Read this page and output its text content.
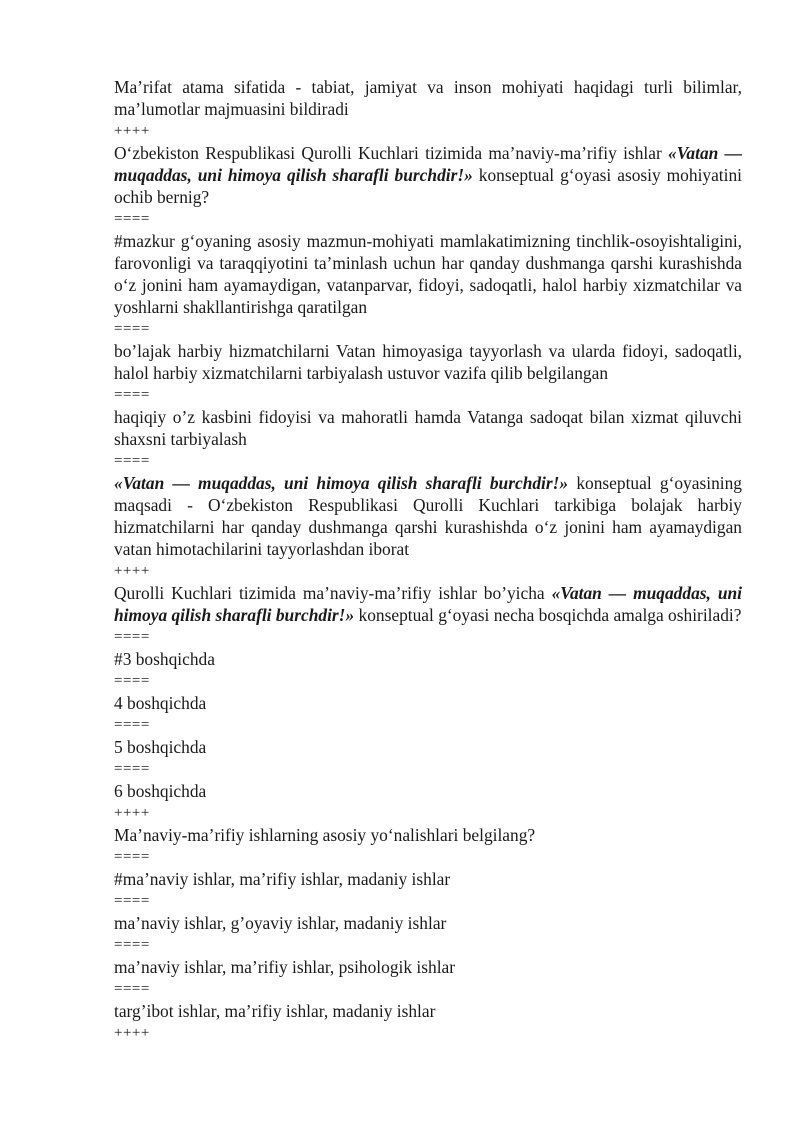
Ma’rifat atama sifatida - tabiat, jamiyat va inson mohiyati haqidagi turli bilimlar, ma’lumotlar majmuasini bildiradi

++++

O‘zbekiston Respublikasi Qurolli Kuchlari tizimida ma’naviy-ma’rifiy ishlar «Vatan — muqaddas, uni himoya qilish sharafli burchdir!» konseptual g‘oyasi asosiy mohiyatini ochib bernig?

====

#mazkur g‘oyaning asosiy mazmun-mohiyati mamlakatimizning tinchlik-osoyishtaligini, farovonligi va taraqqiyotini ta’minlash uchun har qanday dushmanga qarshi kurashishda o‘z jonini ham ayamaydigan, vatanparvar, fidoyi, sadoqatli, halol harbiy xizmatchilar va yoshlarni shakllantirishga qaratilgan

====

bo’lajak harbiy hizmatchilarni Vatan himoyasiga tayyorlash va ularda fidoyi, sadoqatli, halol harbiy xizmatchilarni tarbiyalash ustuvor vazifa qilib belgilangan

====

haqiqiy o’z kasbini fidoyisi va mahoratli hamda Vatanga sadoqat bilan xizmat qiluvchi shaxsni tarbiyalash

====

«Vatan — muqaddas, uni himoya qilish sharafli burchdir!» konseptual g‘oyasining maqsadi - O‘zbekiston Respublikasi Qurolli Kuchlari tarkibiga bolajak harbiy hizmatchilarni har qanday dushmanga qarshi kurashishda o‘z jonini ham ayamaydigan vatan himotachilarini tayyorlashdan iborat

++++

Qurolli Kuchlari tizimida ma’naviy-ma’rifiy ishlar bo’yicha «Vatan — muqaddas, uni himoya qilish sharafli burchdir!» konseptual g‘oyasi necha bosqichda amalga oshiriladi?

====

#3 boshqichda

====

4 boshqichda

====

5 boshqichda

====

6 boshqichda

++++

Ma’naviy-ma’rifiy ishlarning asosiy yo‘nalishlari belgilang?

====

#ma’naviy ishlar, ma’rifiy ishlar, madaniy ishlar

====

ma’naviy ishlar, g’oyaviy ishlar, madaniy ishlar

====

ma’naviy ishlar, ma’rifiy ishlar, psihologik ishlar

====

targ’ibot ishlar, ma’rifiy ishlar, madaniy ishlar

++++
